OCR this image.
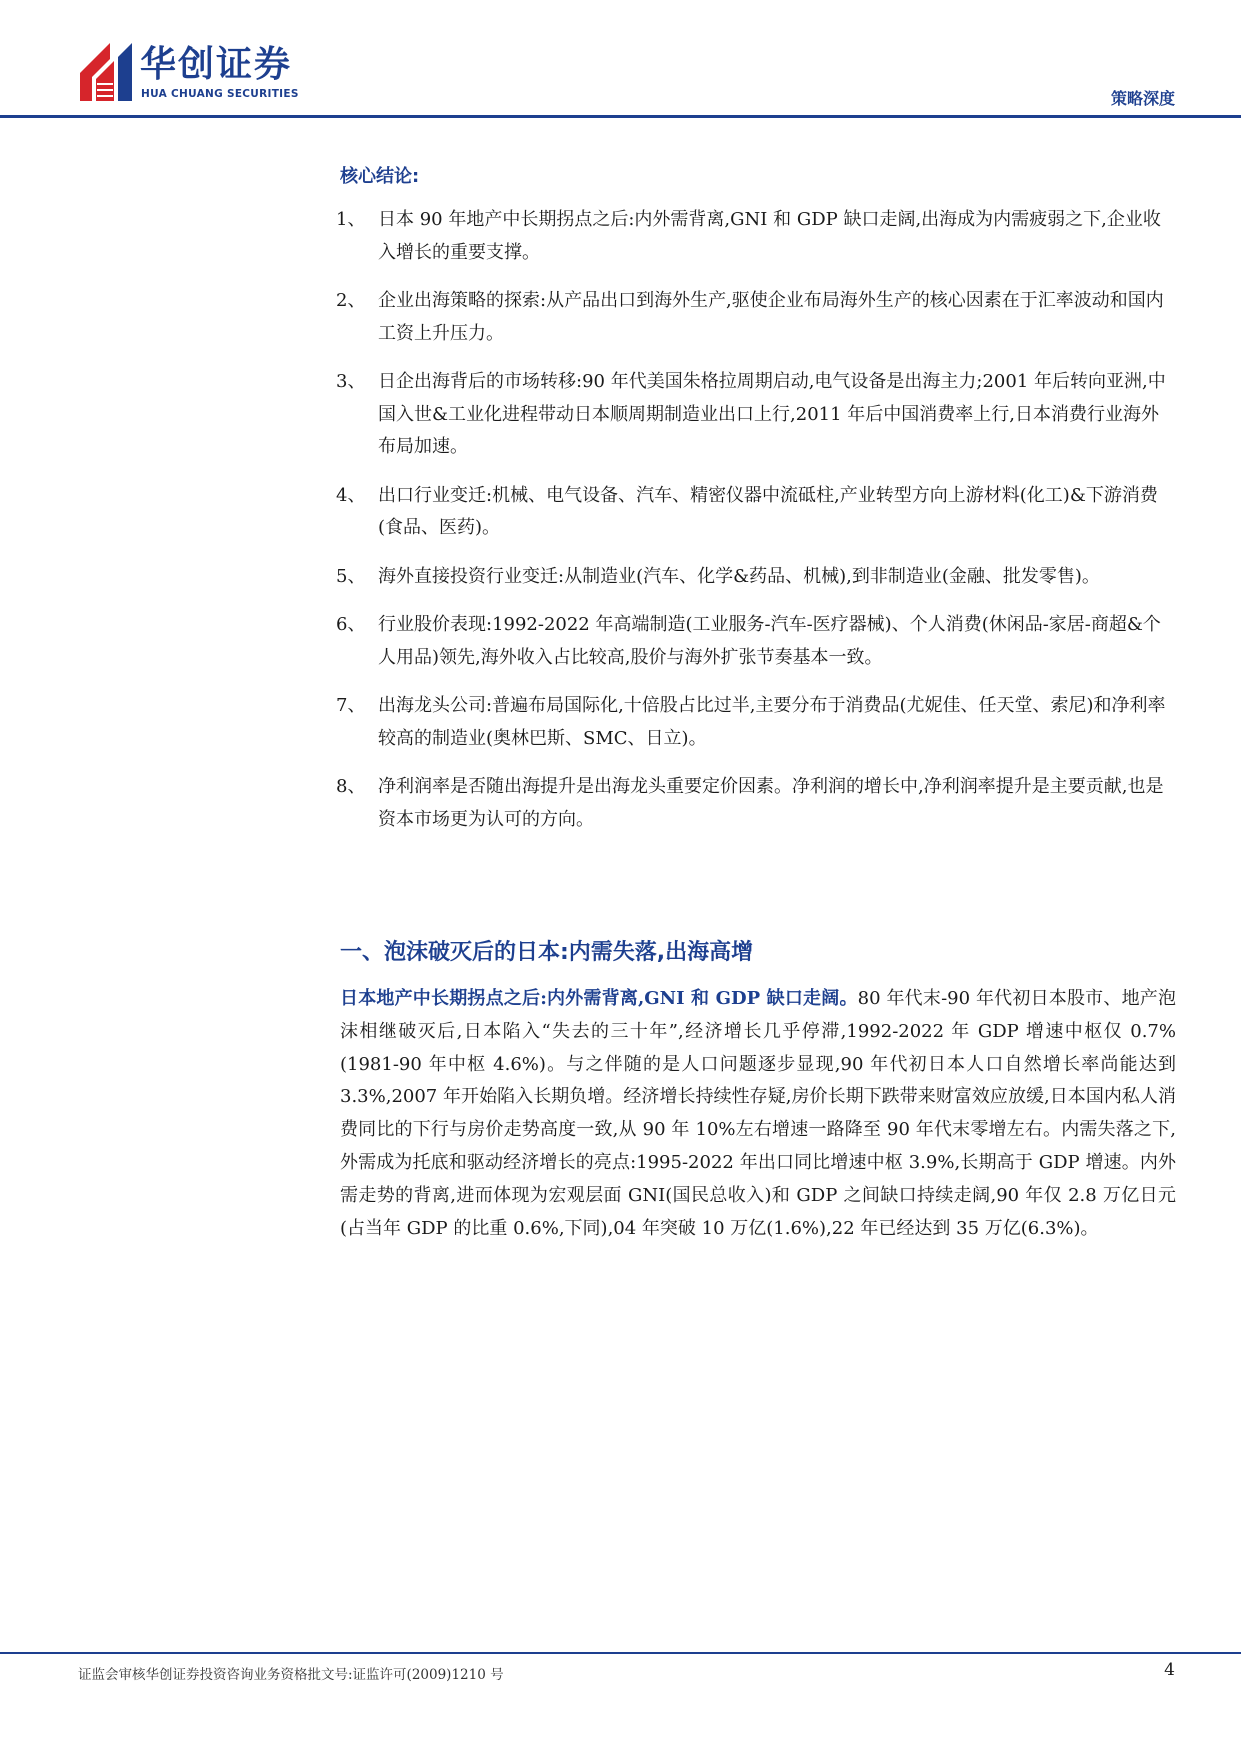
华创证券
HUA CHUANG SECURITIES	策略深度
核心结论:
1、 日本 90 年地产中长期拐点之后:内外需背离,GNI 和 GDP 缺口走阔,出海成为内需疲弱之下,企业收入增长的重要支撑。
2、 企业出海策略的探索:从产品出口到海外生产,驱使企业布局海外生产的核心因素在于汇率波动和国内工资上升压力。
3、 日企出海背后的市场转移:90 年代美国朱格拉周期启动,电气设备是出海主力;2001 年后转向亚洲,中国入世&工业化进程带动日本顺周期制造业出口上行,2011 年后中国消费率上行,日本消费行业海外布局加速。
4、 出口行业变迁:机械、电气设备、汽车、精密仪器中流砥柱,产业转型方向上游材料(化工)&下游消费(食品、医药)。
5、 海外直接投资行业变迁:从制造业(汽车、化学&药品、机械),到非制造业(金融、批发零售)。
6、 行业股价表现:1992-2022 年高端制造(工业服务-汽车-医疗器械)、个人消费(休闲品-家居-商超&个人用品)领先,海外收入占比较高,股价与海外扩张节奏基本一致。
7、 出海龙头公司:普遍布局国际化,十倍股占比过半,主要分布于消费品(尤妮佳、任天堂、索尼)和净利率较高的制造业(奥林巴斯、SMC、日立)。
8、 净利润率是否随出海提升是出海龙头重要定价因素。净利润的增长中,净利润率提升是主要贡献,也是资本市场更为认可的方向。
一、泡沫破灭后的日本:内需失落,出海高增

日本地产中长期拐点之后:内外需背离,GNI 和 GDP 缺口走阔。80 年代末-90 年代初日本股市、地产泡沫相继破灭后,日本陷入“失去的三十年”,经济增长几乎停滞,1992-2022 年 GDP 增速中枢仅 0.7%(1981-90 年中枢 4.6%)。与之伴随的是人口问题逐步显现,90 年代初日本人口自然增长率尚能达到 3.3%,2007 年开始陷入长期负增。经济增长持续性存疑,房价长期下跌带来财富效应放缓,日本国内私人消费同比的下行与房价走势高度一致,从 90 年 10%左右增速一路降至 90 年代末零增左右。内需失落之下,外需成为托底和驱动经济增长的亮点:1995-2022 年出口同比增速中枢 3.9%,长期高于 GDP 增速。内外需走势的背离,进而体现为宏观层面 GNI(国民总收入)和 GDP 之间缺口持续走阔,90 年仅 2.8 万亿日元(占当年 GDP 的比重 0.6%,下同),04 年突破 10 万亿(1.6%),22 年已经达到 35 万亿(6.3%)。

证监会审核华创证券投资咨询业务资格批文号:证监许可(2009)1210 号	4
